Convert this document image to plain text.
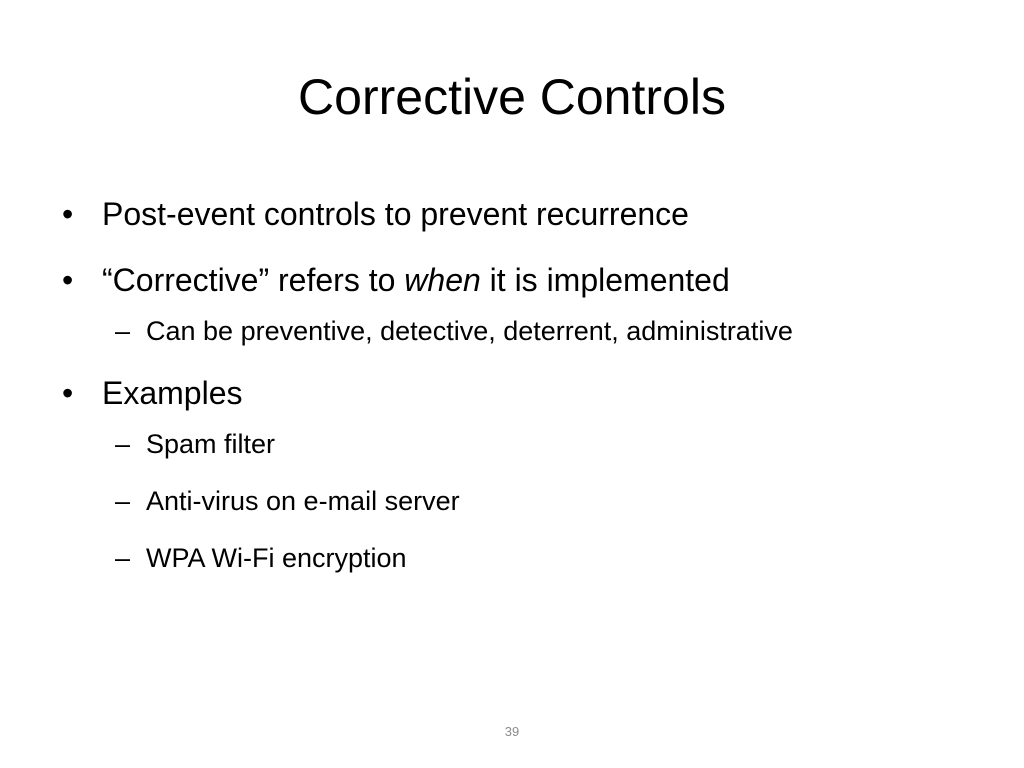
Corrective Controls
• Post-event controls to prevent recurrence
• “Corrective” refers to when it is implemented
– Can be preventive, detective, deterrent, administrative
• Examples
– Spam filter
– Anti-virus on e-mail server
– WPA Wi-Fi encryption
39
